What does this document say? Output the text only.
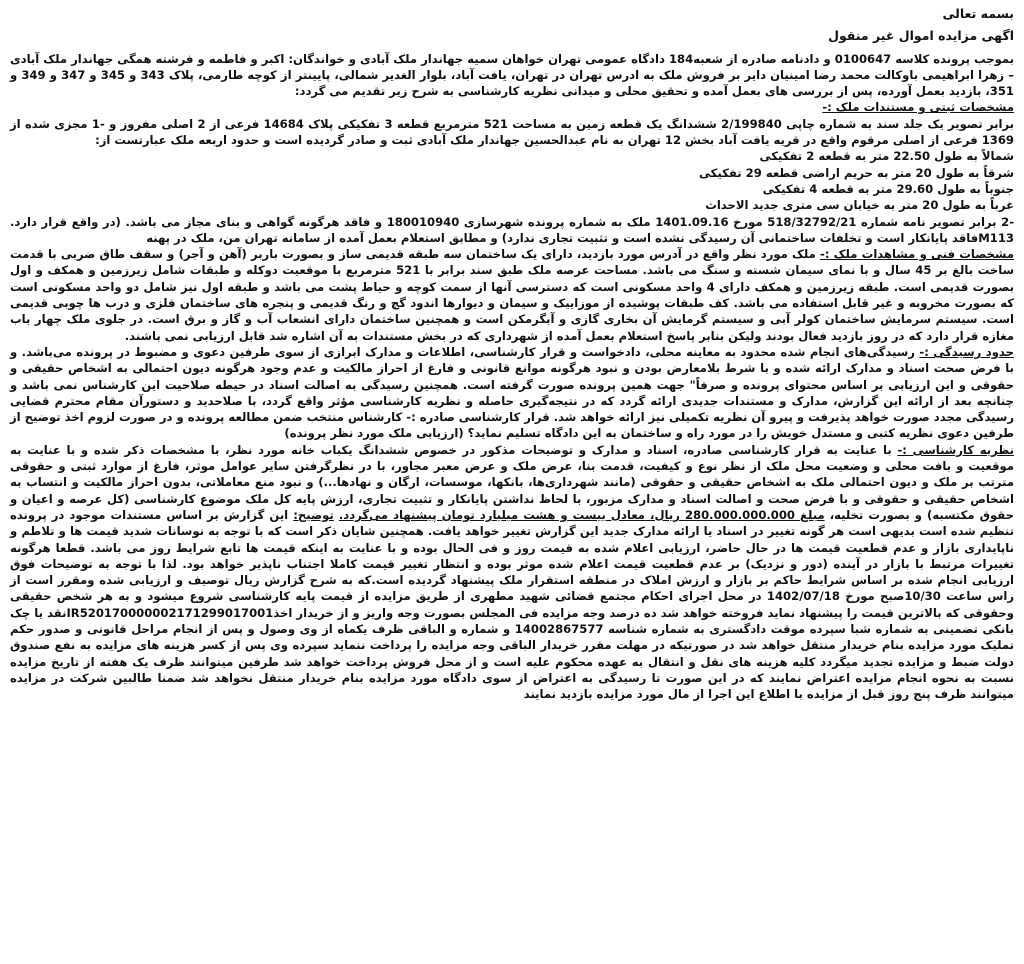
بسمه تعالی

اگهی مزایده اموال غیر منقول

بموجب پرونده کلاسه 0100647 و دادنامه صادره از شعبه184 دادگاه عمومی تهران خواهان سمیه جهاندار ملک آبادی و خواندگان: اکبر و فاطمه و فرشته همگی جهاندار ملک آبادی – زهرا ابراهیمی باوکالت محمد رضا امینیان دایر بر فروش ملک به ادرس تهران در تهران، یافت آباد، بلوار الغدیر شمالی، پایینتر از کوچه طارمی، پلاک 343 و 345 و 347 و 349 و 351، بازدید بعمل آورده، پس از بررسی های بعمل آمده و تحقیق محلی و میدانی نظریه کارشناسی به شرح زیر تقدیم می گردد:

مشخصات ثبتی و مستندات ملک :-

برابر تصویر یک جلد سند به شماره چاپی 2/199840 ششدانگ یک قطعه زمین به مساحت 521 مترمربع قطعه 3 تفکیکی پلاک 14684 فرعی از 2 اصلی مفروز و -1 مجزی شده از 1369 فرعی از اصلی مرقوم واقع در قریه یافت آباد بخش 12 تهران به نام عبدالحسین جهاندار ملک آبادی ثبت و صادر گردیده است و حدود اربعه ملک عبارتست از:

شمالاً به طول 22.50 متر به قطعه 2 تفکیکی

شرقاً به طول 20 متر به حریم اراضی قطعه 29 تفکیکی

جنوباً به طول 29.60 متر به قطعه 4 تفکیکی

غرباً به طول 20 متر به خیابان سی متری جدید الاحداث

-2 برابر تصویر نامه شماره 518/32792/21 مورخ 1401.09.16 ملک به شماره پرونده شهرسازی 180010940 و فاقد هرگونه گواهی و بنای مجاز می باشد. (در واقع قرار دارد. M113فاقد پایانکار است و تخلفات ساختمانی آن رسیدگی نشده است و تثبیت تجاری ندارد) و مطابق استعلام بعمل آمده از سامانه تهران من، ملک در پهنه

مشخصات فنی و مشاهدات ملک :- ملک مورد نظر واقع در آدرس مورد بازدید، دارای یک ساختمان سه طبقه قدیمی ساز و بصورت باربر (آهن و آجر) و سقف طاق ضربی با قدمت ساخت بالغ بر 45 سال و با نمای سیمان شسته و سنگ می باشد. مساحت عرصه ملک طبق سند برابر با 521 مترمربع با موقعیت دوکله و طبقات شامل زیرزمین و همکف و اول بصورت قدیمی است. طبقه زیرزمین و همکف دارای 4 واحد مسکونی است که دسترسی آنها از سمت کوچه و حیاط پشت می باشد و طبقه اول نیز شامل دو واحد مسکونی است که بصورت مخروبه و غیر قابل استفاده می باشد. کف طبقات پوشیده از موزاییک و سیمان و دیوارها اندود گچ و رنگ قدیمی و پنجره های ساختمان فلزی و درب ها چوبی قدیمی است. سیستم سرمایش ساختمان کولر آبی و سیستم گرمایش آن بخاری گازی و آبگرمکن است و همچنین ساختمان دارای انشعاب آب و گاز و برق است. در جلوی ملک چهار باب مغازه قرار دارد که در روز بازدید فعال بودند ولیکن بنابر پاسخ استعلام بعمل آمده از شهرداری که در بخش مستندات به آن اشاره شد قابل ارزیابی نمی باشند.

حدود رسیدگی :- رسیدگی‌های انجام شده محدود به معاینه محلی، دادخواست و قرار کارشناسی، اطلاعات و مدارک ابرازی از سوی طرفین دعوی و مضبوط در پرونده می‌باشد. و با فرض صحت اسناد و مدارک ارائه شده و با شرط بلامعارض بودن و نبود هرگونه موانع قانونی و فارغ از احراز مالکیت و عدم وجود هرگونه دیون احتمالی به اشخاص حقیقی و حقوقی و این ارزیابی بر اساس محتوای پرونده و صرفاً" جهت همین پرونده صورت گرفته است. همچنین رسیدگی به اصالت اسناد در حیطه صلاحیت این کارشناس نمی باشد و چنانچه بعد از ارائه این گزارش، مدارک و مستندات جدیدی ارائه گردد که در نتیجه‌گیری حاصله و نظریه کارشناسی مؤثر واقع گردد، با صلاحدید و دستورآن مقام محترم قضایی رسیدگی مجدد صورت خواهد پذیرفت و پیرو آن نظریه تکمیلی نیز ارائه خواهد شد. قرار کارشناسی صادره :- کارشناس منتخب ضمن مطالعه پرونده و در صورت لزوم اخذ توضیح از طرفین دعوی نظریه کتبی و مستدل خویش را در مورد راه و ساختمان به این دادگاه تسلیم نماید؟ (ارزیابی ملک مورد نظر پرونده)

نظریه کارشناسی :- با عنایت به قرار کارشناسی صادره، اسناد و مدارک و توضیحات مذکور در خصوص ششدانگ یکباب خانه مورد نظر، با مشخصات ذکر شده و با عنایت به موقعیت و بافت محلی و وضعیت محل ملک از نظر نوع و کیفیت، قدمت بنا، عرض ملک و عرض معبر مجاور، با در نظرگرفتن سایر عوامل موثر، فارغ از موارد ثبتی و حقوقی مترتب بر ملک و دیون احتمالی ملک به اشخاص حقیقی و حقوقی (مانند شهرداری‌ها، بانکها، موسسات، ارگان و نهادها...) و نبود منع معاملاتی، بدون احراز مالکیت و انتساب به اشخاص حقیقی و حقوقی و با فرض صحت و اصالت اسناد و مدارک مزبور، با لحاظ نداشتن پایانکار و تثبیت تجاری، ارزش پایه کل ملک موضوع کارشناسی (کل عرصه و اعیان و حقوق مکتسبه) و بصورت تخلیه، مبلغ 280.000.000.000 ریال، معادل بیست و هشت میلیارد تومان پیشنهاد می‌گردد. توضیح: این گزارش بر اساس مستندات موجود در پرونده تنظیم شده است بدیهی است هر گونه تغییر در اسناد یا ارائه مدارک جدید این گزارش تغییر خواهد یافت. همچنین شایان ذکر است که با توجه به نوسانات شدید قیمت ها و تلاطم و ناپایداری بازار و عدم قطعیت قیمت ها در حال حاضر، ارزیابی اعلام شده به قیمت روز و فی الحال بوده و با عنایت به اینکه قیمت ها تابع شرایط روز می باشد. قطعا هرگونه تغییرات مرتبط با بازار در آینده (دور و نزدیک) بر عدم قطعیت قیمت اعلام شده موثر بوده و انتظار تغییر قیمت کاملا اجتناب ناپذیر خواهد بود. لذا با توجه به توضیحات فوق ارزیابی انجام شده بر اساس شرایط حاکم بر بازار و ارزش املاک در منطقه استقرار ملک پیشنهاد گردیده است.که به شرح گزارش ریال توصیف و ارزیابی شده ومقرر است از راس ساعت 10/30صبح مورخ 1402/07/18 در محل اجرای احکام مجتمع قضائی شهید مطهری از طریق مزایده از قیمت پایه کارشناسی شروع میشود و به هر شخص حقیقی وحقوقی که بالاترین قیمت را پیشنهاد نماید فروخته خواهد شد ده درصد وجه مزایده فی المجلس بصورت وجه واریز و از خریدار اخذIR520170000002171299017001نقد یا چک بانکی تضمینی به شماره شبا سپرده موقت دادگستری به شماره شناسه 14002867577 و شماره و الباقی ظرف یکماه از وی وصول و پس از انجام مراحل قانونی و صدور حکم تملیک مورد مزایده بنام خریدار منتقل خواهد شد در صورتیکه در مهلت مقرر خریدار الباقی وجه مزایده را پرداخت ننماید سپرده وی پس از کسر هزینه های مزایده به نفع صندوق دولت ضبط و مزایده تجدید میگردد کلیه هزینه های نقل و انتقال به عهده محکوم علیه است و از محل فروش پرداخت خواهد شد طرفین میتوانند ظرف یک هفته از تاریخ مزایده نسبت به نحوه انجام مزایده اعتراض نمایند که در این صورت تا رسیدگی به اعتراض از سوی دادگاه مورد مزایده بنام خریدار منتقل نخواهد شد ضمنا طالبین شرکت در مزایده میتوانند ظرف پنج روز قبل از مزایده با اطلاع این اجرا از مال مورد مزایده بازدید نمایند
